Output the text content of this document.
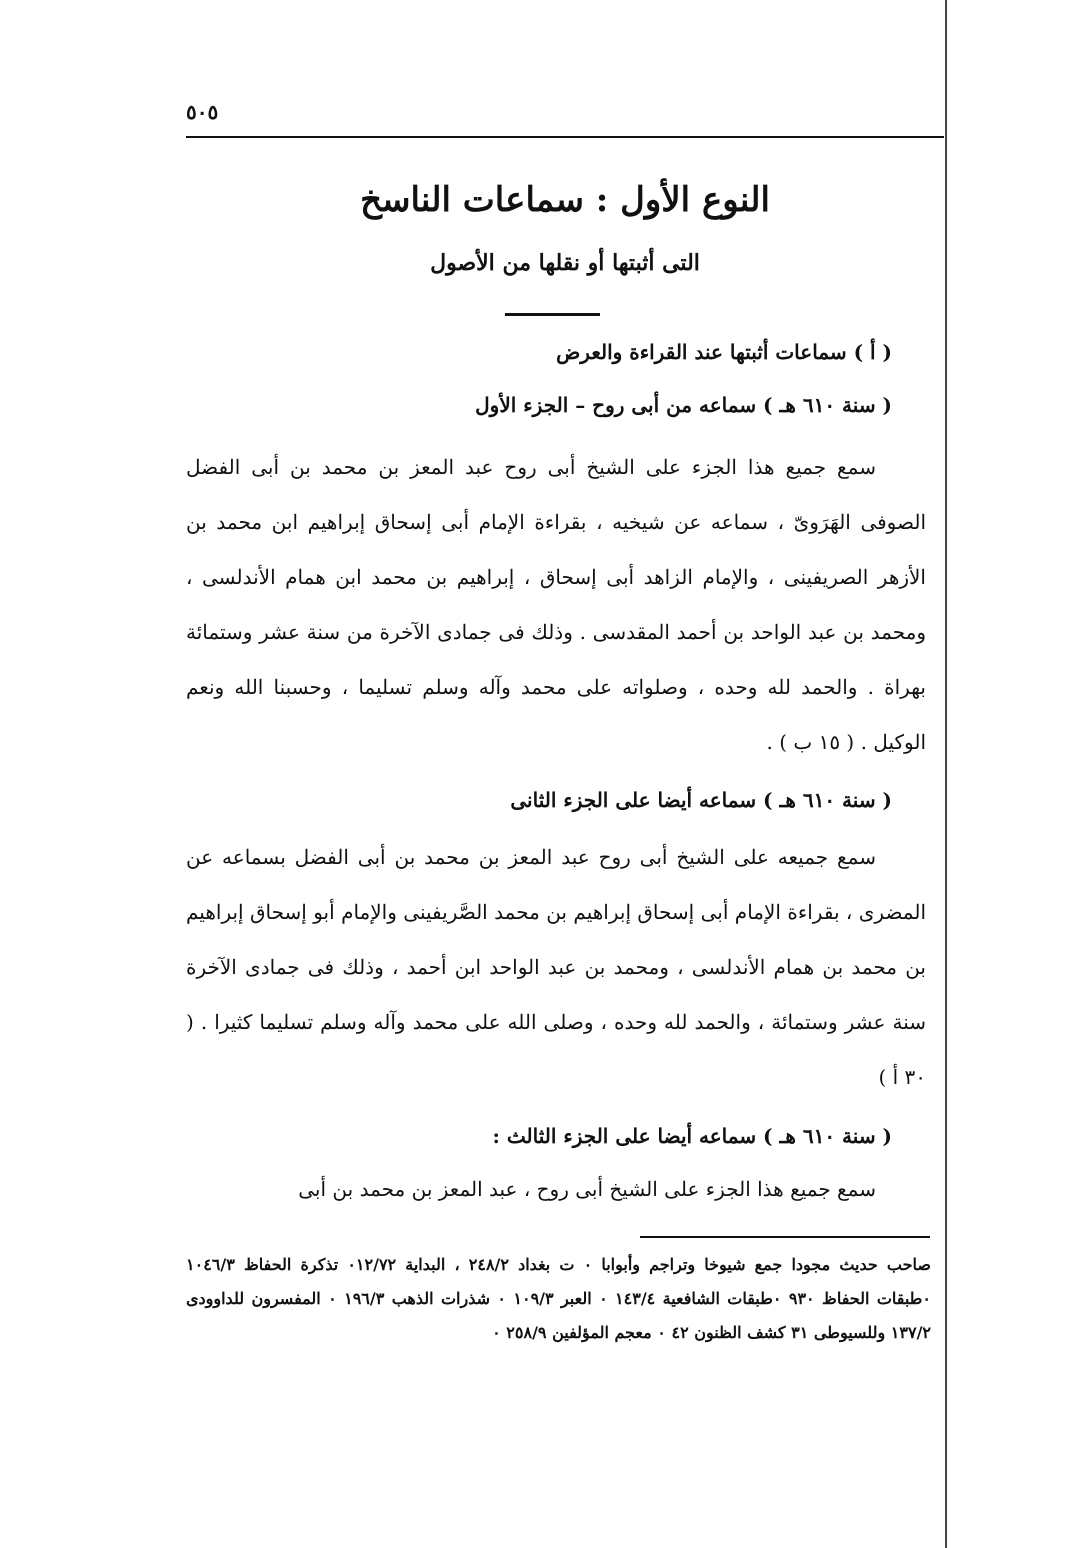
٥٠٥
النوع الأول : سماعات الناسخ
التى أثبتها أو نقلها من الأصول
( أ ) سماعات أثبتها عند القراءة والعرض
( سنة ٦١٠ هـ ) سماعه من أبى روح – الجزء الأول
سمع جميع هذا الجزء على الشيخ أبى روح عبد المعز بن محمد بن أبى الفضل الصوفى الهَرَوىّ ، سماعه عن شيخيه ، بقراءة الإمام أبى إسحاق إبراهيم ابن محمد بن الأزهر الصريفينى ، والإمام الزاهد أبى إسحاق ، إبراهيم بن محمد ابن همام الأندلسى ، ومحمد بن عبد الواحد بن أحمد المقدسى . وذلك فى جمادى الآخرة من سنة عشر وستمائة بهراة . والحمد لله وحده ، وصلواته على محمد وآله وسلم تسليما ، وحسبنا الله ونعم الوكيل . ( ١٥ ب ) .
( سنة ٦١٠ هـ ) سماعه أيضا على الجزء الثانى
سمع جميعه على الشيخ أبى روح عبد المعز بن محمد بن أبى الفضل بسماعه عن المضرى ، بقراءة الإمام أبى إسحاق إبراهيم بن محمد الصَّريفينى والإمام أبو إسحاق إبراهيم بن محمد بن همام الأندلسى ، ومحمد بن عبد الواحد ابن أحمد ، وذلك فى جمادى الآخرة سنة عشر وستمائة ، والحمد لله وحده ، وصلى الله على محمد وآله وسلم تسليما كثيرا . ( ٣٠ أ )
( سنة ٦١٠ هـ ) سماعه أيضا على الجزء الثالث :
سمع جميع هذا الجزء على الشيخ أبى روح ، عبد المعز بن محمد بن أبى
صاحب حديث مجودا جمع شيوخا وتراجم وأبوابا ٠ ت بغداد ٢٤٨/٢ ، البداية ٠١٢/٧٢ تذكرة الحفاظ ١٠٤٦/٣ ٠طبقات الحفاظ ٩٣٠ ٠طبقات الشافعية ١٤٣/٤ ٠ العبر ١٠٩/٣ ٠ شذرات الذهب ١٩٦/٣ ٠ المفسرون للداوودى ١٣٧/٢ وللسيوطى ٣١ كشف الظنون ٤٢ ٠ معجم المؤلفين ٢٥٨/٩ ٠
